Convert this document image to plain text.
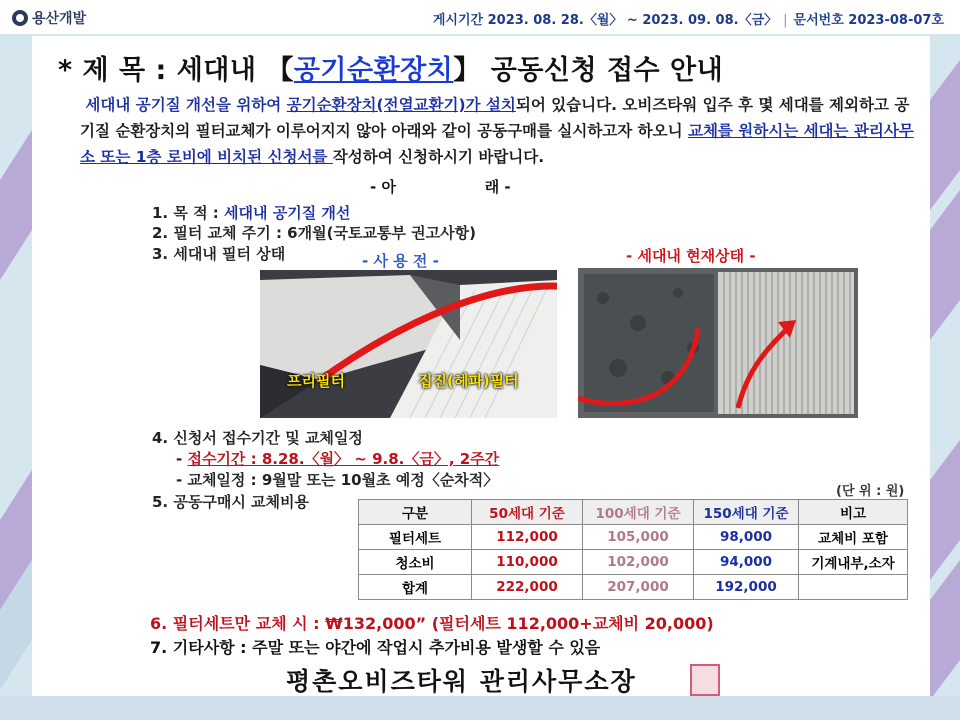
용산개발	게시기간 2023. 08. 28.〈월〉 ~ 2023. 09. 08.〈금〉 | 문서번호 2023-08-07호
* 제 목 : 세대내 【공기순환장치】 공동신청 접수 안내
세대내 공기질 개선을 위하여 공기순환장치(전열교환기)가 설치되어 있습니다. 오비즈타워 입주 후 몇 세대를 제외하고 공기질 순환장치의 필터교체가 이루어지지 않아 아래와 같이 공동구매를 실시하고자 하오니 교체를 원하시는 세대는 관리사무소 또는 1층 로비에 비치된 신청서를 작성하여 신청하시기 바랍니다.
- 아                 래 -
1. 목 적 : 세대내 공기질 개선
2. 필터 교체 주기 : 6개월(국토교통부 권고사항)
3. 세대내 필터 상태	- 사 용 전 -	- 세대내 현재상태 -
프리필터	집진(헤파)필터
4. 신청서 접수기간 및 교체일정
- 접수기간 : 8.28.〈월〉 ~ 9.8.〈금〉, 2주간
- 교체일정 : 9월말 또는 10월초 예정〈순차적〉
5. 공동구매시 교체비용
(단 위 : 원)
구분	50세대 기준	100세대 기준	150세대 기준	비고
필터세트	112,000	105,000	98,000	교체비 포함
청소비	110,000	102,000	94,000	기계내부,소자
합계	222,000	207,000	192,000	
6. 필터세트만 교체 시 : ₩132,000” (필터세트 112,000+교체비 20,000)
7. 기타사항 : 주말 또는 야간에 작업시 추가비용 발생할 수 있음
평촌오비즈타워 관리사무소장
